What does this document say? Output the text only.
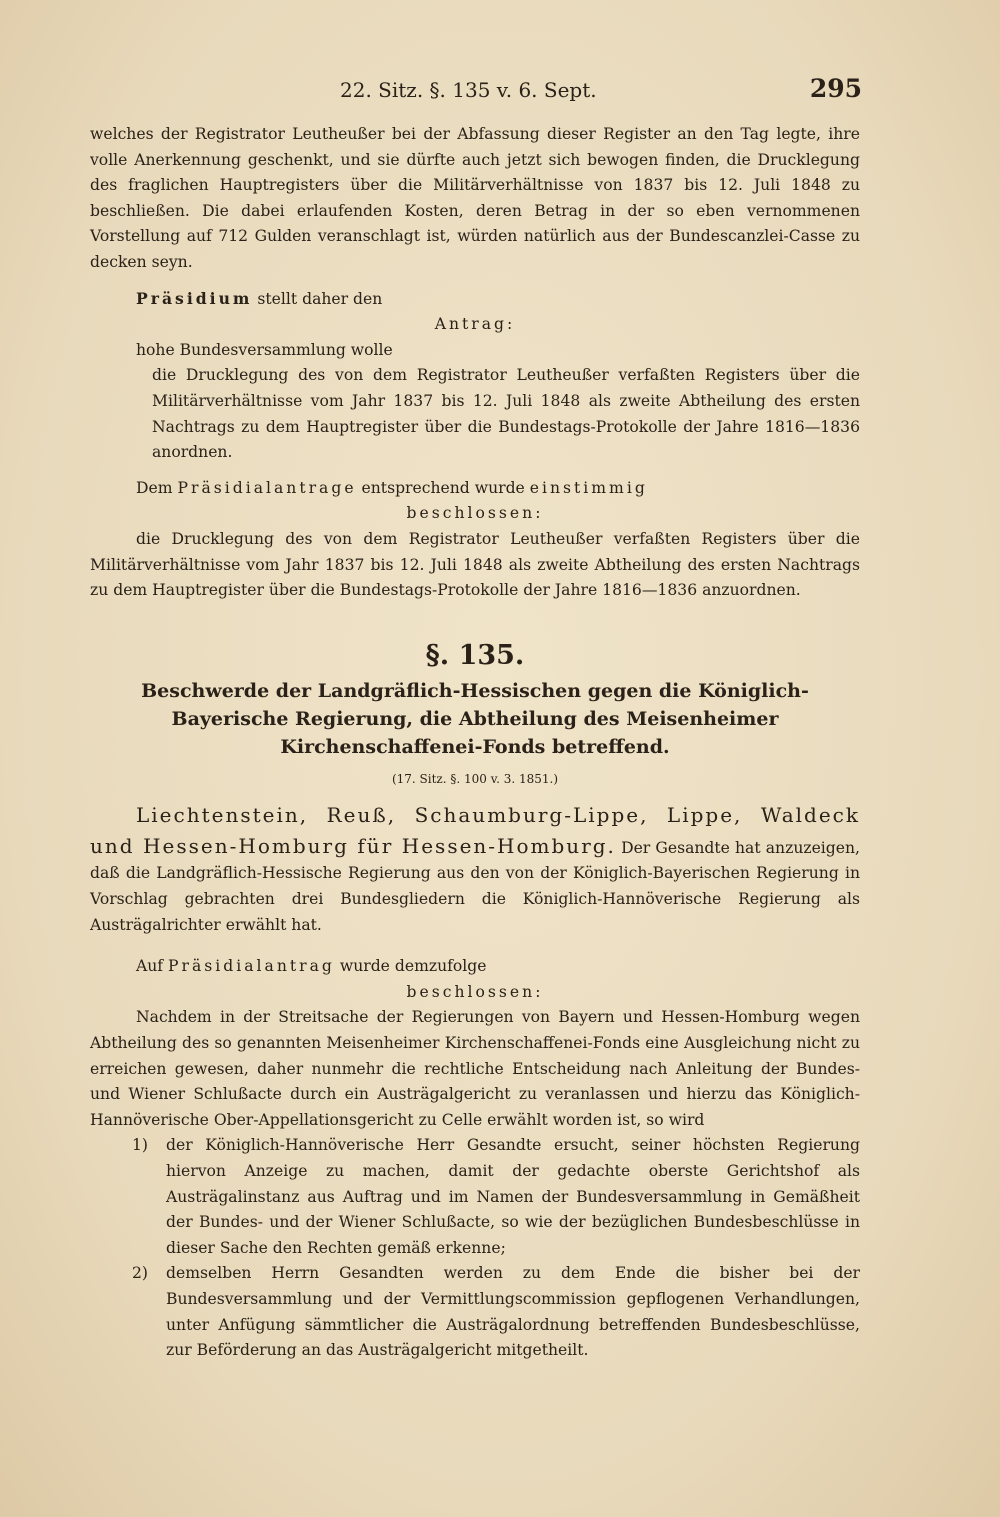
22. Sitz. §. 135 v. 6. Sept.	295

welches der Registrator Leutheußer bei der Abfassung dieser Register an den Tag legte, ihre volle Anerkennung geschenkt, und sie dürfte auch jetzt sich bewogen finden, die Drucklegung des fraglichen Hauptregisters über die Militärverhältnisse von 1837 bis 12. Juli 1848 zu beschließen. Die dabei erlaufenden Kosten, deren Betrag in der so eben vernommenen Vorstellung auf 712 Gulden veranschlagt ist, würden natürlich aus der Bundescanzlei-Casse zu decken seyn.

Präsidium stellt daher den

Antrag:

hohe Bundesversammlung wolle

die Drucklegung des von dem Registrator Leutheußer verfaßten Registers über die Militärverhältnisse vom Jahr 1837 bis 12. Juli 1848 als zweite Abtheilung des ersten Nachtrags zu dem Hauptregister über die Bundestags-Protokolle der Jahre 1816—1836 anordnen.

Dem Präsidialantrage entsprechend wurde einstimmig

beschlossen:

die Drucklegung des von dem Registrator Leutheußer verfaßten Registers über die Militärverhältnisse vom Jahr 1837 bis 12. Juli 1848 als zweite Abtheilung des ersten Nachtrags zu dem Hauptregister über die Bundestags-Protokolle der Jahre 1816—1836 anzuordnen.

§. 135.

Beschwerde der Landgräflich-Hessischen gegen die Königlich-Bayerische Regierung, die Abtheilung des Meisenheimer Kirchenschaffenei-Fonds betreffend.

(17. Sitz. §. 100 v. 3. 1851.)

Liechtenstein, Reuß, Schaumburg-Lippe, Lippe, Waldeck und Hessen-Homburg für Hessen-Homburg. Der Gesandte hat anzuzeigen, daß die Landgräflich-Hessische Regierung aus den von der Königlich-Bayerischen Regierung in Vorschlag gebrachten drei Bundesgliedern die Königlich-Hannöverische Regierung als Austrägalrichter erwählt hat.

Auf Präsidialantrag wurde demzufolge

beschlossen:

Nachdem in der Streitsache der Regierungen von Bayern und Hessen-Homburg wegen Abtheilung des so genannten Meisenheimer Kirchenschaffenei-Fonds eine Ausgleichung nicht zu erreichen gewesen, daher nunmehr die rechtliche Entscheidung nach Anleitung der Bundes- und Wiener Schlußacte durch ein Austrägalgericht zu veranlassen und hierzu das Königlich-Hannöverische Ober-Appellationsgericht zu Celle erwählt worden ist, so wird

1) der Königlich-Hannöverische Herr Gesandte ersucht, seiner höchsten Regierung hiervon Anzeige zu machen, damit der gedachte oberste Gerichtshof als Austrägalinstanz aus Auftrag und im Namen der Bundesversammlung in Gemäßheit der Bundes- und der Wiener Schlußacte, so wie der bezüglichen Bundesbeschlüsse in dieser Sache den Rechten gemäß erkenne;
2) demselben Herrn Gesandten werden zu dem Ende die bisher bei der Bundesversammlung und der Vermittlungscommission gepflogenen Verhandlungen, unter Anfügung sämmtlicher die Austrägalordnung betreffenden Bundesbeschlüsse, zur Beförderung an das Austrägalgericht mitgetheilt.
